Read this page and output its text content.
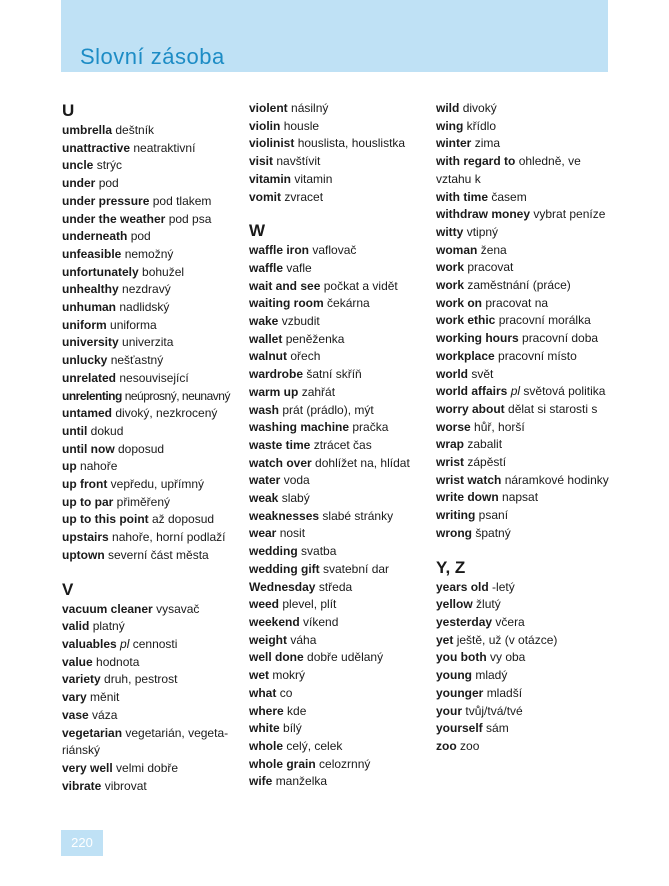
Slovní zásoba
U
umbrella deštník
unattractive neatraktivní
uncle strýc
under pod
under pressure pod tlakem
under the weather pod psa
underneath pod
unfeasible nemožný
unfortunately bohužel
unhealthy nezdravý
unhuman nadlidský
uniform uniforma
university univerzita
unlucky nešťastný
unrelated nesouvisející
unrelenting neúprosný, neunavný
untamed divoký, nezkrocený
until dokud
until now doposud
up nahoře
up front vepředu, upřímný
up to par přiměřený
up to this point až doposud
upstairs nahoře, horní podlaží
uptown severní část města
V
vacuum cleaner vysavač
valid platný
valuables pl cennosti
value hodnota
variety druh, pestrost
vary měnit
vase váza
vegetarian vegetarián, vegeta-
riánský
very well velmi dobře
vibrate vibrovat
violent násilný
violin housle
violinist houslista, houslistka
visit navštívit
vitamin vitamin
vomit zvracet
W
waffle iron vaflovač
waffle vafle
wait and see počkat a vidět
waiting room čekárna
wake vzbudit
wallet peněženka
walnut ořech
wardrobe šatní skříň
warm up zahřát
wash prát (prádlo), mýt
washing machine pračka
waste time ztrácet čas
watch over dohlížet na, hlídat
water voda
weak slabý
weaknesses slabé stránky
wear nosit
wedding svatba
wedding gift svatební dar
Wednesday středa
weed plevel, plít
weekend víkend
weight váha
well done dobře udělaný
wet mokrý
what co
where kde
white bílý
whole celý, celek
whole grain celozrnný
wife manželka
wild divoký
wing křídlo
winter zima
with regard to ohledně, ve
vztahu k
with time časem
withdraw money vybrat peníze
witty vtipný
woman žena
work pracovat
work zaměstnání (práce)
work on pracovat na
work ethic pracovní morálka
working hours pracovní doba
workplace pracovní místo
world svět
world affairs pl světová politika
worry about dělat si starosti s
worse hůř, horší
wrap zabalit
wrist zápěstí
wrist watch náramkové hodinky
write down napsat
writing psaní
wrong špatný
Y, Z
years old -letý
yellow žlutý
yesterday včera
yet ještě, už (v otázce)
you both vy oba
young mladý
younger mladší
your tvůj/tvá/tvé
yourself sám
zoo zoo
220
